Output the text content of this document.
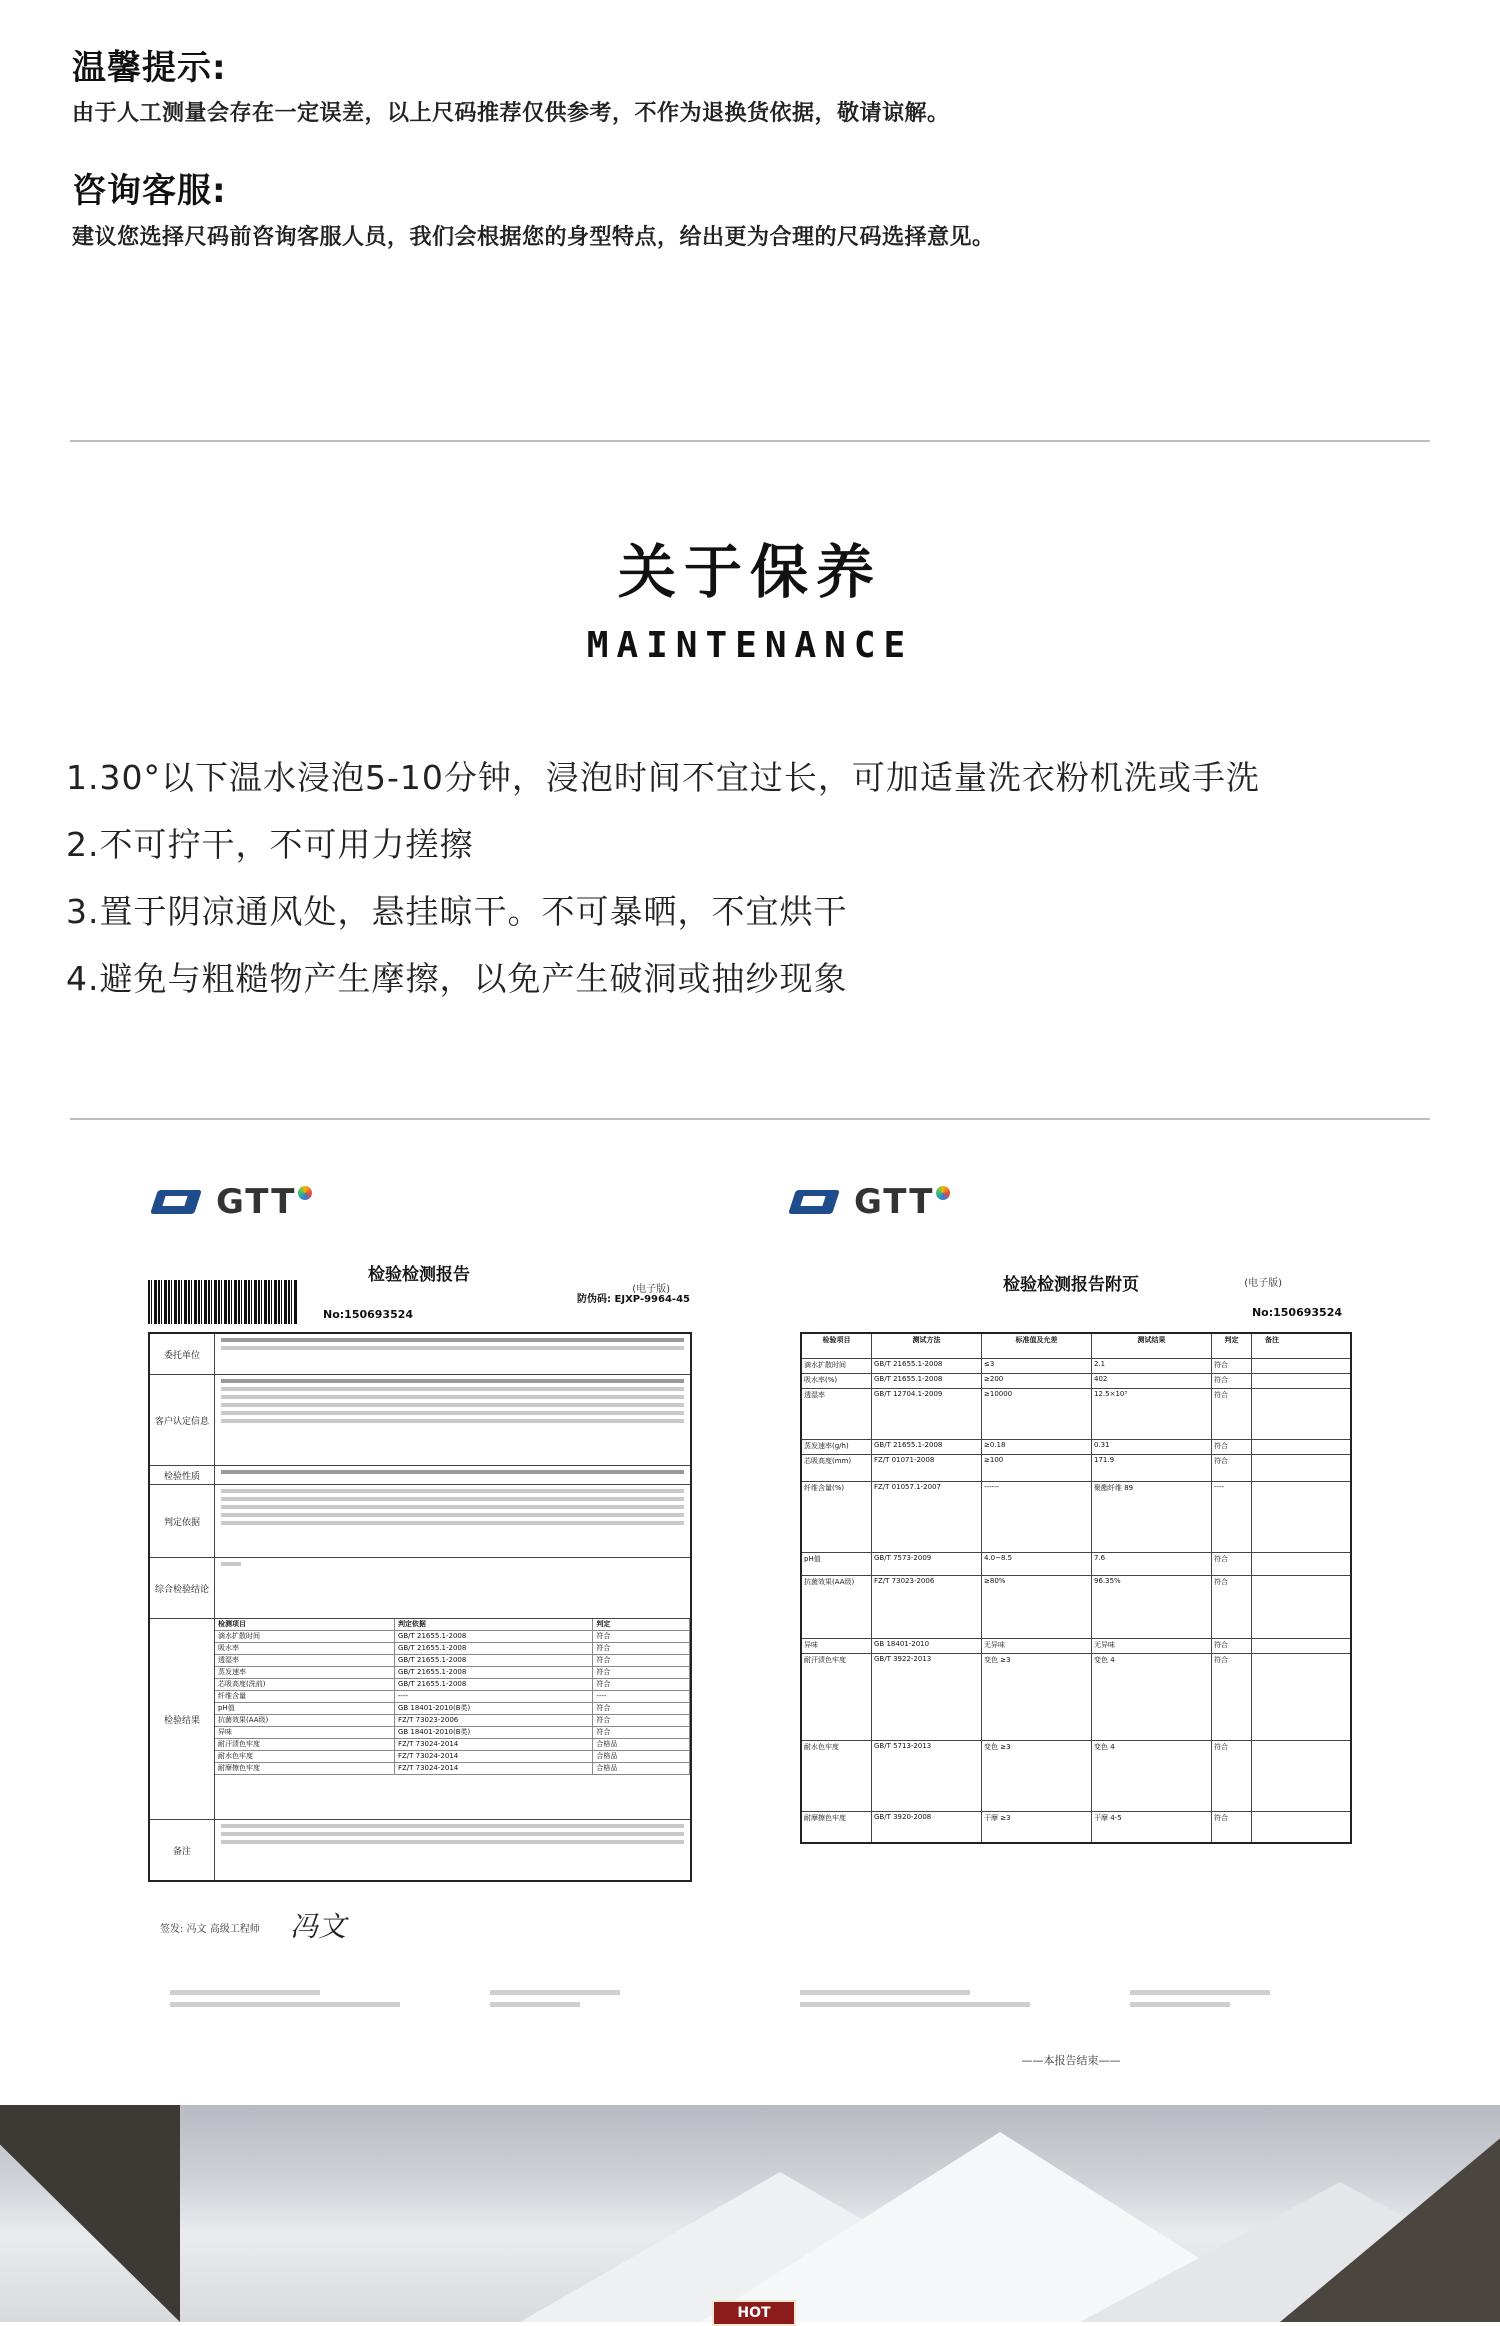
温馨提示:
由于人工测量会存在一定误差，以上尺码推荐仅供参考，不作为退换货依据，敬请谅解。
咨询客服:
建议您选择尺码前咨询客服人员，我们会根据您的身型特点，给出更为合理的尺码选择意见。
关于保养
MAINTENANCE
1.30°以下温水浸泡5-10分钟，浸泡时间不宜过长，可加适量洗衣粉机洗或手洗
2.不可拧干，不可用力搓擦
3.置于阴凉通风处，悬挂晾干。不可暴晒，不宜烘干
4.避免与粗糙物产生摩擦，以免产生破洞或抽纱现象
GTT
检验检测报告
(电子版)
No:150693524
防伪码: EJXP-9964-45
委托单位
客户认定信息
检验性质
判定依据
综合检验结论
检验结果
检测项目	判定依据	判定
滴水扩散时间	GB/T 21655.1-2008	符合
吸水率	GB/T 21655.1-2008	符合
透湿率	GB/T 21655.1-2008	符合
蒸发速率	GB/T 21655.1-2008	符合
芯吸高度(洗前)	GB/T 21655.1-2008	符合
纤维含量	----	----
pH值	GB 18401-2010(B类)	符合
抗菌效果(AA级)	FZ/T 73023-2006	符合
异味	GB 18401-2010(B类)	符合
耐汗渍色牢度	FZ/T 73024-2014	合格品
耐水色牢度	FZ/T 73024-2014	合格品
耐摩擦色牢度	FZ/T 73024-2014	合格品
备注
签发: 冯文 高级工程师 冯文
GTT
检验检测报告附页	(电子版)
No:150693524
检验项目	测试方法	标准值及允差	测试结果	判定	备注
滴水扩散时间	GB/T 21655.1-2008	≤3	2.1	符合
吸水率(%)	GB/T 21655.1-2008	≥200	402	符合
透湿率	GB/T 12704.1-2009	≥10000	12.5×10³	符合
蒸发速率(g/h)	GB/T 21655.1-2008	≥0.18	0.31	符合
芯吸高度(mm)	FZ/T 01071-2008	≥100	171.9	符合
纤维含量(%)	FZ/T 01057.1-2007	------	聚酯纤维 89	----
pH值	GB/T 7573-2009	4.0~8.5	7.6	符合
抗菌效果(AA级)	FZ/T 73023-2006	≥80%	96.35%	符合
异味	GB 18401-2010	无异味	无异味	符合
耐汗渍色牢度	GB/T 3922-2013	变色 ≥3	变色 4	符合
耐水色牢度	GB/T 5713-2013	变色 ≥3	变色 4	符合
耐摩擦色牢度	GB/T 3920-2008	干摩 ≥3	干摩 4-5	符合
——本报告结束——
HOT
